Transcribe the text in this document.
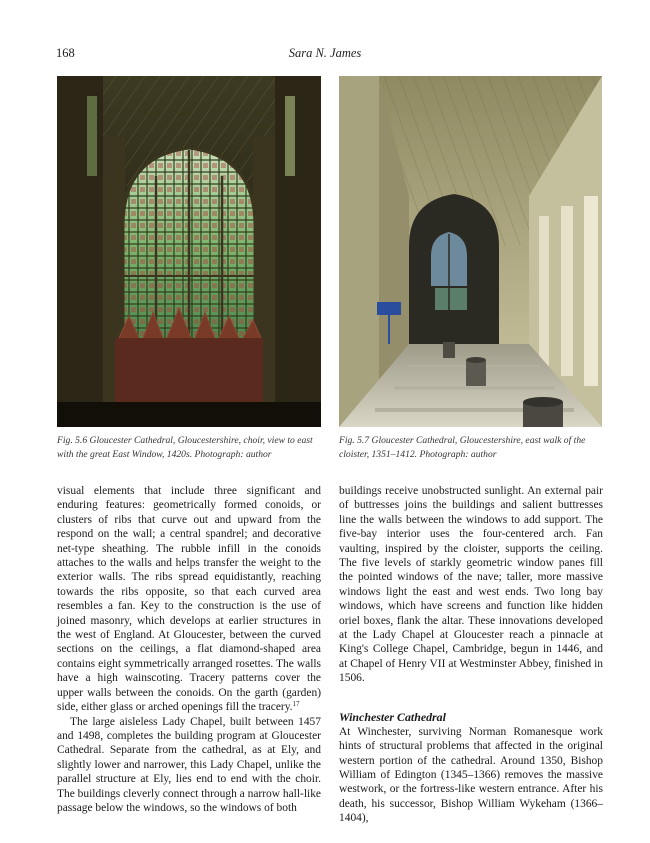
168	Sara N. James
Fig. 5.6 Gloucester Cathedral, Gloucestershire, choir, view to east with the great East Window, 1420s. Photograph: author
Fig. 5.7 Gloucester Cathedral, Gloucestershire, east walk of the cloister, 1351–1412. Photograph: author

visual elements that include three significant and enduring features: geometrically formed conoids, or clusters of ribs that curve out and upward from the respond on the wall; a central spandrel; and decorative net-type sheathing. The rubble infill in the conoids attaches to the walls and helps transfer the weight to the exterior walls. The ribs spread equidistantly, reaching towards the ribs opposite, so that each curved area resembles a fan. Key to the construction is the use of joined masonry, which develops at earlier structures in the west of England. At Gloucester, between the curved sections on the ceilings, a flat diamond-shaped area contains eight symmetrically arranged rosettes. The walls have a high wainscoting. Tracery patterns cover the upper walls between the conoids. On the garth (garden) side, either glass or arched openings fill the tracery.$^{17}$

The large aisleless Lady Chapel, built between 1457 and 1498, completes the building program at Gloucester Cathedral. Separate from the cathedral, as at Ely, and slightly lower and narrower, this Lady Chapel, unlike the parallel structure at Ely, lies end to end with the choir. The buildings cleverly connect through a narrow hall-like passage below the windows, so the windows of both

buildings receive unobstructed sunlight. An external pair of buttresses joins the buildings and salient buttresses line the walls between the windows to add support. The five-bay interior uses the four-centered arch. Fan vaulting, inspired by the cloister, supports the ceiling. The five levels of starkly geometric window panes fill the pointed windows of the nave; taller, more massive windows light the east and west ends. Two long bay windows, which have screens and function like hidden oriel boxes, flank the altar. These innovations developed at the Lady Chapel at Gloucester reach a pinnacle at King's College Chapel, Cambridge, begun in 1446, and at Chapel of Henry VII at Westminster Abbey, finished in 1506.

Winchester Cathedral

At Winchester, surviving Norman Romanesque work hints of structural problems that affected in the original western portion of the cathedral. Around 1350, Bishop William of Edington (1345–1366) removes the massive westwork, or the fortress-like western entrance. After his death, his successor, Bishop William Wykeham (1366–1404),
